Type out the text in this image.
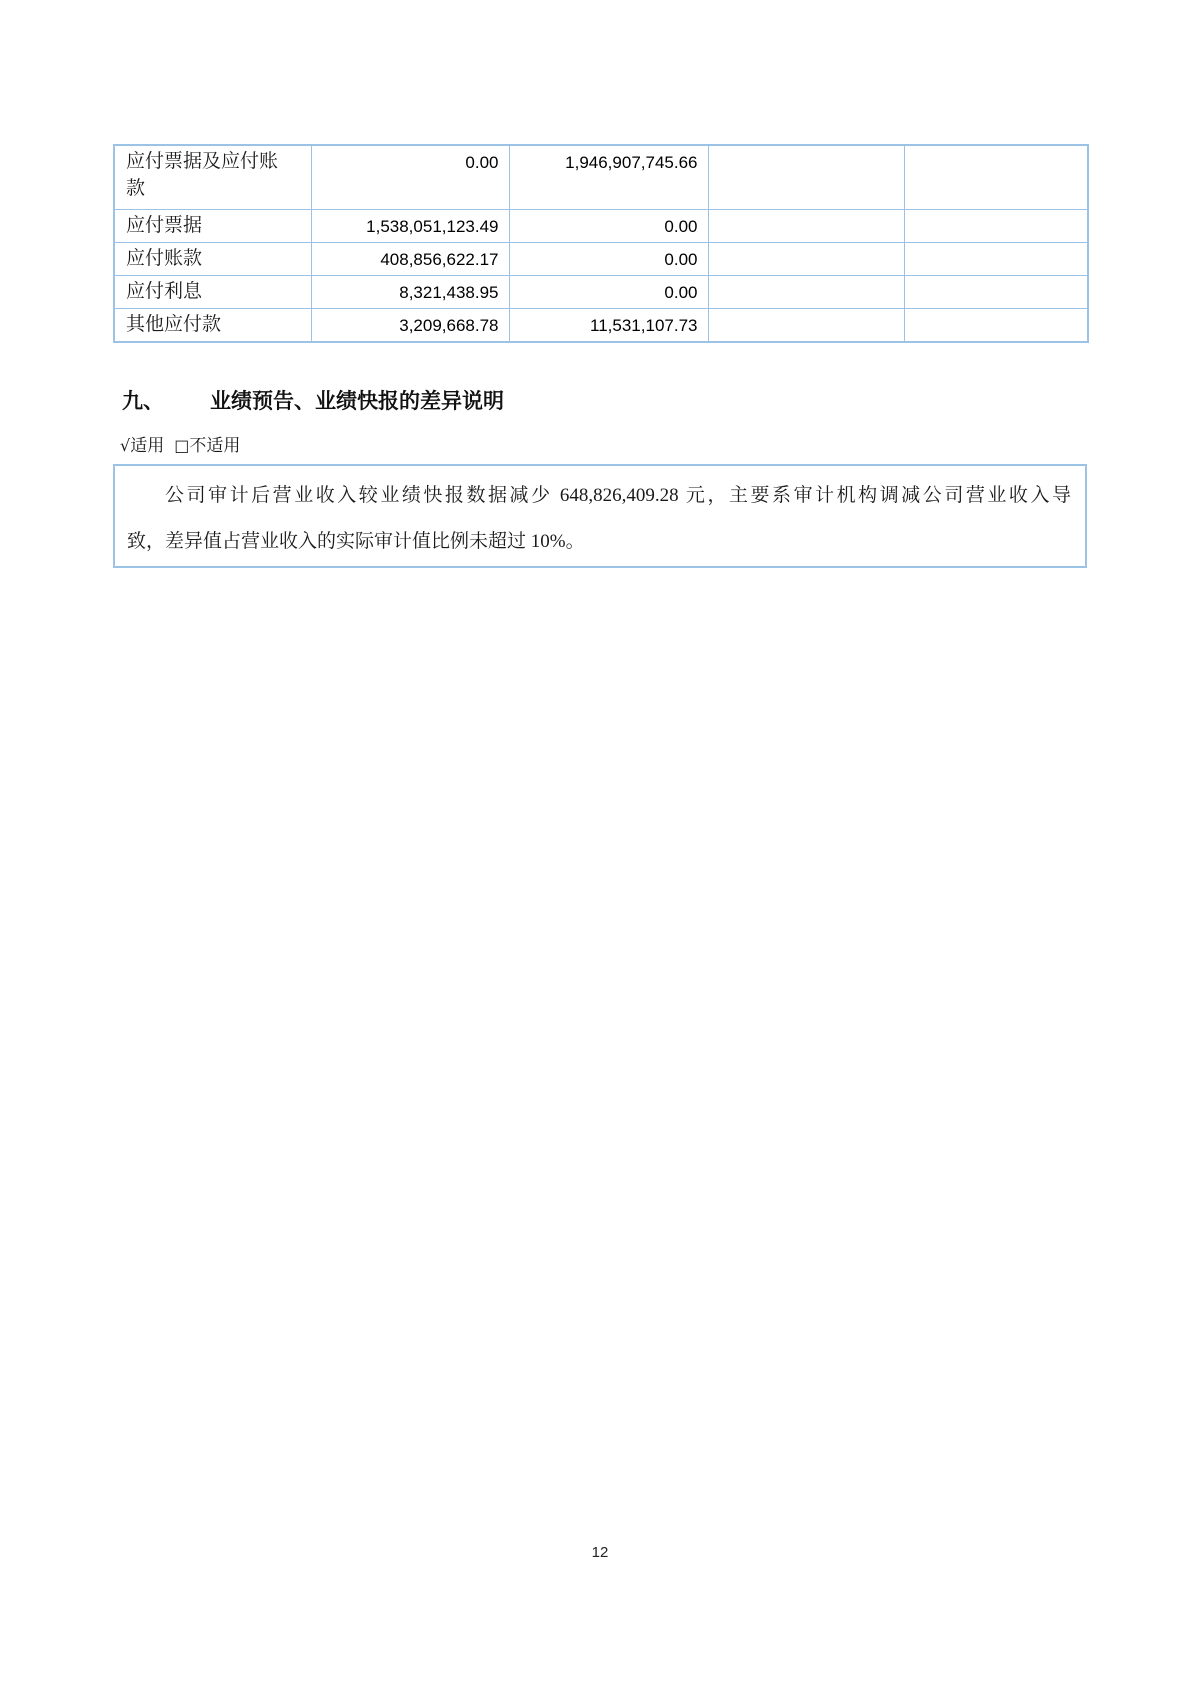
应付票据及应付账款	0.00	1,946,907,745.66		
应付票据	1,538,051,123.49	0.00		
应付账款	408,856,622.17	0.00		
应付利息	8,321,438.95	0.00		
其他应付款	3,209,668.78	11,531,107.73		
九、 业绩预告、业绩快报的差异说明
√适用 □不适用
公司审计后营业收入较业绩快报数据减少 648,826,409.28 元，主要系审计机构调减公司营业收入导
致，差异值占营业收入的实际审计值比例未超过 10%。
12
